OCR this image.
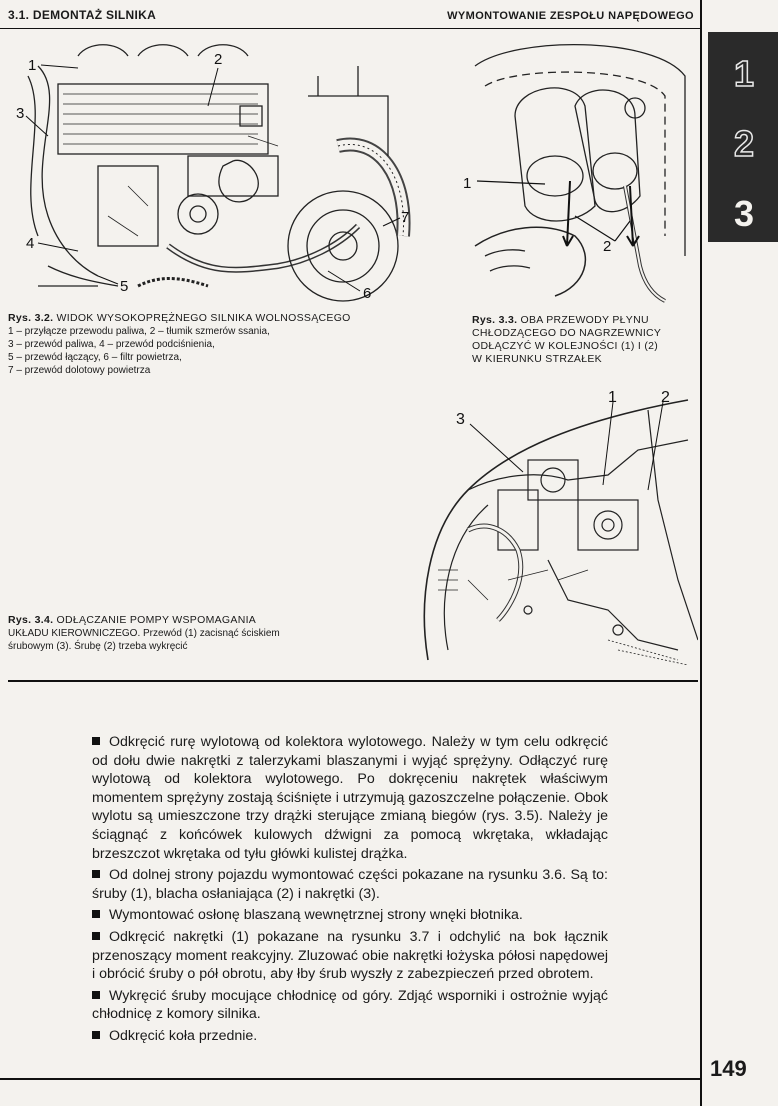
3.1. DEMONTAŻ SILNIKA	WYMONTOWANIE ZESPOŁU NAPĘDOWEGO
1
2
3
1	2
3
4
5	6
7
Rys. 3.2. WIDOK WYSOKOPRĘŻNEGO SILNIKA WOLNOSSĄCEGO
1 – przyłącze przewodu paliwa, 2 – tłumik szmerów ssania,
3 – przewód paliwa, 4 – przewód podciśnienia,
5 – przewód łączący, 6 – filtr powietrza,
7 – przewód dolotowy powietrza
1
2
Rys. 3.3. OBA PRZEWODY PŁYNU
CHŁODZĄCEGO DO NAGRZEWNICY
ODŁĄCZYĆ W KOLEJNOŚCI (1) I (2)
W KIERUNKU STRZAŁEK
3
1	2
Rys. 3.4. ODŁĄCZANIE POMPY WSPOMAGANIA
UKŁADU KIEROWNICZEGO. Przewód (1) zacisnąć ściskiem
śrubowym (3). Śrubę (2) trzeba wykręcić

Odkręcić rurę wylotową od kolektora wylotowego. Należy w tym celu odkręcić od dołu dwie nakrętki z talerzykami blaszanymi i wyjąć sprężyny. Odłączyć rurę wylotową od kolektora wylotowego. Po dokręceniu nakrętek właściwym momentem sprężyny zostają ściśnięte i utrzymują gazoszczelne połączenie. Obok wylotu są umieszczone trzy drążki sterujące zmianą biegów (rys. 3.5). Należy je ściągnąć z końcówek kulowych dźwigni za pomocą wkrętaka, wkładając brzeszczot wkrętaka od tyłu główki kulistej drążka.

Od dolnej strony pojazdu wymontować części pokazane na rysunku 3.6. Są to: śruby (1), blacha osłaniająca (2) i nakrętki (3).

Wymontować osłonę blaszaną wewnętrznej strony wnęki błotnika.

Odkręcić nakrętki (1) pokazane na rysunku 3.7 i odchylić na bok łącznik przenoszący moment reakcyjny. Zluzować obie nakrętki łożyska półosi napędowej i obrócić śruby o pół obrotu, aby łby śrub wyszły z zabezpieczeń przed obrotem.

Wykręcić śruby mocujące chłodnicę od góry. Zdjąć wsporniki i ostrożnie wyjąć chłodnicę z komory silnika.

Odkręcić koła przednie.

149
